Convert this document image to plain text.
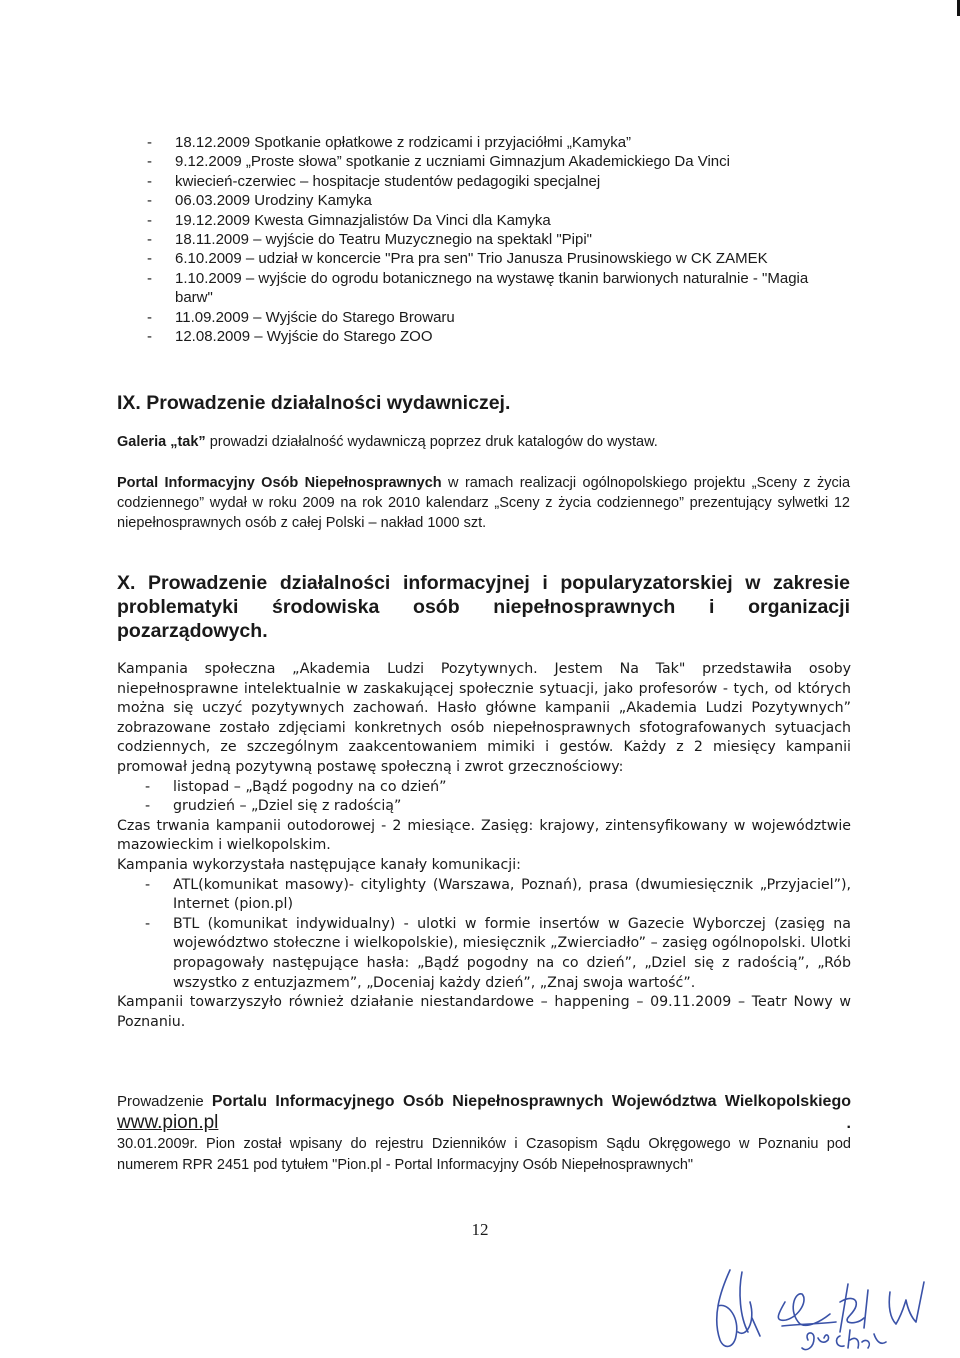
- 18.12.2009 Spotkanie opłatkowe z rodzicami i przyjaciółmi „Kamyka”
- 9.12.2009 „Proste słowa” spotkanie z uczniami Gimnazjum Akademickiego Da Vinci
- kwiecień-czerwiec – hospitacje studentów pedagogiki specjalnej
- 06.03.2009 Urodziny Kamyka
- 19.12.2009 Kwesta Gimnazjalistów Da Vinci dla Kamyka
- 18.11.2009 – wyjście do Teatru Muzycznegio na spektakl "Pipi"
- 6.10.2009 – udział w koncercie "Pra pra sen" Trio Janusza Prusinowskiego w CK ZAMEK
- 1.10.2009 – wyjście do ogrodu botanicznego na wystawę tkanin barwionych naturalnie - "Magia barw"
- 11.09.2009 – Wyjście do Starego Browaru
- 12.08.2009 – Wyjście do Starego ZOO
IX. Prowadzenie działalności wydawniczej.

Galeria „tak” prowadzi działalność wydawniczą poprzez druk katalogów do wystaw.

Portal Informacyjny Osób Niepełnosprawnych w ramach realizacji ogólnopolskiego projektu „Sceny z życia codziennego” wydał w roku 2009 na rok 2010 kalendarz „Sceny z życia codziennego” prezentujący sylwetki 12 niepełnosprawnych osób z całej Polski – nakład 1000 szt.

X. Prowadzenie działalności informacyjnej i popularyzatorskiej w zakresie problematyki środowiska osób niepełnosprawnych i organizacji pozarządowych.

Kampania społeczna „Akademia Ludzi Pozytywnych. Jestem Na Tak" przedstawiła osoby niepełnosprawne intelektualnie w zaskakującej społecznie sytuacji, jako profesorów - tych, od których można się uczyć pozytywnych zachowań. Hasło główne kampanii „Akademia Ludzi Pozytywnych” zobrazowane zostało zdjęciami konkretnych osób niepełnosprawnych sfotografowanych sytuacjach codziennych, ze szczególnym zaakcentowaniem mimiki i gestów. Każdy z 2 miesięcy kampanii promował jedną pozytywną postawę społeczną i zwrot grzecznościowy:

- listopad – „Bądź pogodny na co dzień”
- grudzień – „Dziel się z radością”

Czas trwania kampanii outodorowej - 2 miesiące. Zasięg: krajowy, zintensyfikowany w województwie mazowieckim i wielkopolskim.

Kampania wykorzystała następujące kanały komunikacji:

- ATL(komunikat masowy)- citylighty (Warszawa, Poznań), prasa (dwumiesięcznik „Przyjaciel”), Internet (pion.pl)
- BTL (komunikat indywidualny) - ulotki w formie insertów w Gazecie Wyborczej (zasięg na województwo stołeczne i wielkopolskie), miesięcznik „Zwierciadło” – zasięg ogólnopolski. Ulotki propagowały następujące hasła: „Bądź pogodny na co dzień”, „Dziel się z radością”, „Rób wszystko z entuzjazmem”, „Doceniaj każdy dzień”, „Znaj swoja wartość”.

Kampanii towarzyszyło również działanie niestandardowe – happening – 09.11.2009 – Teatr Nowy w Poznaniu.

Prowadzenie Portalu Informacyjnego Osób Niepełnosprawnych Województwa Wielkopolskiego www.pion.pl .
30.01.2009r. Pion został wpisany do rejestru Dzienników i Czasopism Sądu Okręgowego w Poznaniu pod numerem RPR 2451 pod tytułem "Pion.pl - Portal Informacyjny Osób Niepełnosprawnych"
12
